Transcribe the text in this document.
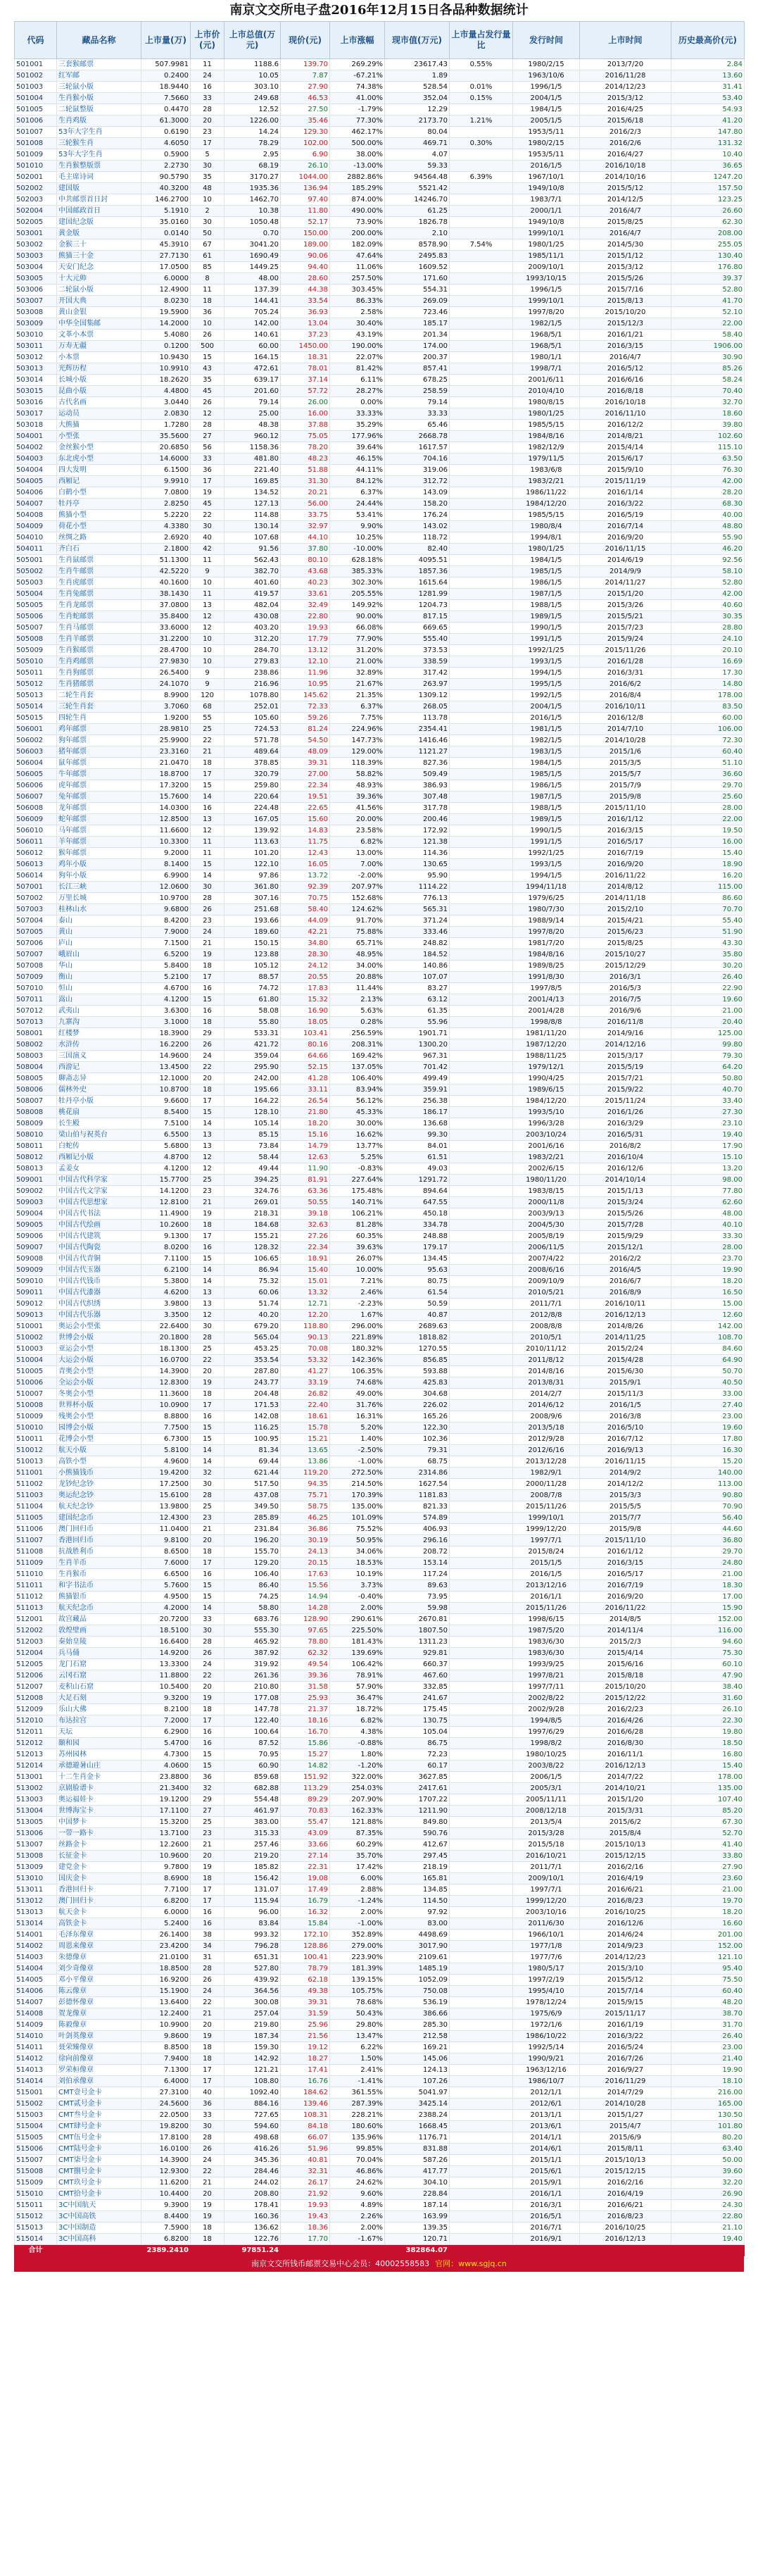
南京文交所电子盘2016年12月15日各品种数据统计
代码	藏品名称	上市量(万)	上市价(元)	上市总值(万元)	现价(元)	上市涨幅	现市值(万元)	上市量占发行量比	发行时间	上市时间	历史最高价(元)
501001	三套猴邮票	507.9981	11	1188.6	139.70	269.29%	23617.43	0.55%	1980/2/15	2013/7/20	2.84
501002	红军邮	0.2400	24	10.05	7.87	-67.21%	1.89		1963/10/6	2016/11/28	13.60
501003	三轮鼠小版	18.9440	16	303.10	27.90	74.38%	528.54	0.01%	1996/1/5	2014/12/23	31.41
501004	生肖猴小版	7.5660	33	249.68	46.53	41.00%	352.04	0.15%	2004/1/5	2015/3/12	53.40
501005	二轮鼠整版	0.4470	28	12.52	27.50	-1.79%	12.29		1984/1/5	2016/4/25	54.93
501006	生肖鸡版	61.3000	20	1226.00	35.46	77.30%	2173.70	1.21%	2005/1/5	2015/6/18	41.20
501007	53年大字生肖	0.6190	23	14.24	129.30	462.17%	80.04		1953/5/11	2016/2/3	147.80
501008	三轮猴生肖	4.6050	17	78.29	102.00	500.00%	469.71	0.30%	1980/2/15	2016/2/6	131.32
501009	53年大字生肖	0.5900	5	2.95	6.90	38.00%	4.07		1953/5/11	2016/4/27	10.40
501010	生肖猴整版票	2.2730	30	68.19	26.10	-13.00%	59.33		2016/1/5	2016/10/18	36.65
502001	毛主席诗词	90.5790	35	3170.27	1044.00	2882.86%	94564.48	6.39%	1967/10/1	2014/10/16	1247.20
502002	建国版	40.3200	48	1935.36	136.94	185.29%	5521.42		1949/10/8	2015/5/12	157.50
502003	中共邮票首日封	146.2700	10	1462.70	97.40	874.00%	14246.70		1983/7/1	2014/12/5	123.25
502004	中国邮政首日	5.1910	2	10.38	11.80	490.00%	61.25		2000/1/1	2016/4/7	26.60
502005	建国纪念版	35.0160	30	1050.48	52.17	73.90%	1826.78		1949/10/8	2015/8/25	62.30
503001	黄金版	0.0140	50	0.70	150.00	200.00%	2.10		1999/10/1	2016/4/7	208.00
503002	金猴三十	45.3910	67	3041.20	189.00	182.09%	8578.90	7.54%	1980/1/25	2014/5/30	255.05
503003	熊猫三十金	27.7130	61	1690.49	90.06	47.64%	2495.83		1985/11/1	2015/1/12	130.40
503004	天安门纪念	17.0500	85	1449.25	94.40	11.06%	1609.52		2009/10/1	2015/3/12	176.80
503005	十大元帅	6.0000	8	48.00	28.60	257.50%	171.60		1993/10/15	2015/5/26	39.37
503006	二轮鼠小版	12.4900	11	137.39	44.38	303.45%	554.31		1996/1/5	2015/7/16	52.80
503007	开国大典	8.0230	18	144.41	33.54	86.33%	269.09		1999/10/1	2015/8/13	41.70
503008	黄山金银	19.5900	36	705.24	36.93	2.58%	723.46		1997/8/20	2015/10/20	52.10
503009	中华全国集邮	14.2000	10	142.00	13.04	30.40%	185.17		1982/1/5	2015/12/3	22.00
503010	文革小本票	5.4080	26	140.61	37.23	43.19%	201.34		1968/5/1	2016/1/21	58.40
503011	万寿无疆	0.1200	500	60.00	1450.00	190.00%	174.00		1968/5/1	2016/3/15	1906.00
503012	小本票	10.9430	15	164.15	18.31	22.07%	200.37		1980/1/1	2016/4/7	30.90
503013	光辉历程	10.9910	43	472.61	78.01	81.42%	857.41		1998/7/1	2016/5/12	85.26
503014	长城小版	18.2620	35	639.17	37.14	6.11%	678.25		2001/6/11	2016/6/16	58.24
503015	昆曲小版	4.4800	45	201.60	57.72	28.27%	258.59		2010/4/10	2016/8/18	70.40
503016	古代名画	3.0440	26	79.14	26.00	0.00%	79.14		1980/8/15	2016/10/18	32.70
503017	运动员	2.0830	12	25.00	16.00	33.33%	33.33		1980/1/25	2016/11/10	18.60
503018	大熊猫	1.7280	28	48.38	37.88	35.29%	65.46		1985/5/15	2016/12/2	39.80
504001	小型张	35.5600	27	960.12	75.05	177.96%	2668.78		1984/8/16	2014/8/21	102.60
504002	金丝猴小型	20.6850	56	1158.36	78.20	39.64%	1617.57		1982/12/9	2015/4/14	115.10
504003	东北虎小型	14.6000	33	481.80	48.23	46.15%	704.16		1979/11/5	2015/6/17	63.50
504004	四大发明	6.1500	36	221.40	51.88	44.11%	319.06		1983/6/8	2015/9/10	76.30
504005	西厢记	9.9910	17	169.85	31.30	84.12%	312.72		1983/2/21	2015/11/19	42.00
504006	白鹤小型	7.0800	19	134.52	20.21	6.37%	143.09		1986/11/22	2016/1/14	28.20
504007	牡丹亭	2.8250	45	127.13	56.00	24.44%	158.20		1984/12/20	2016/3/22	68.30
504008	熊猫小型	5.2220	22	114.88	33.75	53.41%	176.24		1985/5/15	2016/5/19	40.00
504009	荷花小型	4.3380	30	130.14	32.97	9.90%	143.02		1980/8/4	2016/7/14	48.80
504010	丝绸之路	2.6920	40	107.68	44.10	10.25%	118.72		1994/8/1	2016/9/20	55.90
504011	齐白石	2.1800	42	91.56	37.80	-10.00%	82.40		1980/1/25	2016/11/15	46.20
505001	生肖鼠邮票	51.1300	11	562.43	80.10	628.18%	4095.51		1984/1/5	2014/6/19	92.56
505002	生肖牛邮票	42.5220	9	382.70	43.68	385.33%	1857.36		1985/1/5	2014/9/9	58.10
505003	生肖虎邮票	40.1600	10	401.60	40.23	302.30%	1615.64		1986/1/5	2014/11/27	52.80
505004	生肖兔邮票	38.1430	11	419.57	33.61	205.55%	1281.99		1987/1/5	2015/1/20	42.00
505005	生肖龙邮票	37.0800	13	482.04	32.49	149.92%	1204.73		1988/1/5	2015/3/26	40.60
505006	生肖蛇邮票	35.8400	12	430.08	22.80	90.00%	817.15		1989/1/5	2015/5/21	30.35
505007	生肖马邮票	33.6000	12	403.20	19.93	66.08%	669.65		1990/1/5	2015/7/23	28.80
505008	生肖羊邮票	31.2200	10	312.20	17.79	77.90%	555.40		1991/1/5	2015/9/24	24.10
505009	生肖猴邮票	28.4700	10	284.70	13.12	31.20%	373.53		1992/1/25	2015/11/26	20.10
505010	生肖鸡邮票	27.9830	10	279.83	12.10	21.00%	338.59		1993/1/5	2016/1/28	16.69
505011	生肖狗邮票	26.5400	9	238.86	11.96	32.89%	317.42		1994/1/5	2016/3/31	17.30
505012	生肖猪邮票	24.1070	9	216.96	10.95	21.67%	263.97		1995/1/5	2016/6/2	14.80
505013	二轮生肖套	8.9900	120	1078.80	145.62	21.35%	1309.12		1992/1/5	2016/8/4	178.00
505014	三轮生肖套	3.7060	68	252.01	72.33	6.37%	268.05		2004/1/5	2016/10/11	83.50
505015	四轮生肖	1.9200	55	105.60	59.26	7.75%	113.78		2016/1/5	2016/12/8	60.00
506001	鸡年邮票	28.9810	25	724.53	81.24	224.96%	2354.41		1981/1/5	2014/7/10	106.00
506002	狗年邮票	25.9900	22	571.78	54.50	147.73%	1416.46		1982/1/5	2014/10/28	72.30
506003	猪年邮票	23.3160	21	489.64	48.09	129.00%	1121.27		1983/1/5	2015/1/6	60.40
506004	鼠年邮票	21.0470	18	378.85	39.31	118.39%	827.36		1984/1/5	2015/3/5	51.10
506005	牛年邮票	18.8700	17	320.79	27.00	58.82%	509.49		1985/1/5	2015/5/7	36.60
506006	虎年邮票	17.3200	15	259.80	22.34	48.93%	386.93		1986/1/5	2015/7/9	29.70
506007	兔年邮票	15.7600	14	220.64	19.51	39.36%	307.48		1987/1/5	2015/9/8	25.60
506008	龙年邮票	14.0300	16	224.48	22.65	41.56%	317.78		1988/1/5	2015/11/10	28.00
506009	蛇年邮票	12.8500	13	167.05	15.60	20.00%	200.46		1989/1/5	2016/1/12	22.00
506010	马年邮票	11.6600	12	139.92	14.83	23.58%	172.92		1990/1/5	2016/3/15	19.50
506011	羊年邮票	10.3300	11	113.63	11.75	6.82%	121.38		1991/1/5	2016/5/17	16.00
506012	猴年邮票	9.2000	11	101.20	12.43	13.00%	114.36		1992/1/25	2016/7/19	15.40
506013	鸡年小版	8.1400	15	122.10	16.05	7.00%	130.65		1993/1/5	2016/9/20	18.90
506014	狗年小版	6.9900	14	97.86	13.72	-2.00%	95.90		1994/1/5	2016/11/22	16.20
507001	长江三峡	12.0600	30	361.80	92.39	207.97%	1114.22		1994/11/18	2014/8/12	115.00
507002	万里长城	10.9700	28	307.16	70.75	152.68%	776.13		1979/6/25	2014/11/18	86.60
507003	桂林山水	9.6800	26	251.68	58.40	124.62%	565.31		1980/7/30	2015/2/10	70.70
507004	泰山	8.4200	23	193.66	44.09	91.70%	371.24		1988/9/14	2015/4/21	55.40
507005	黄山	7.9000	24	189.60	42.21	75.88%	333.46		1997/8/20	2015/6/23	51.90
507006	庐山	7.1500	21	150.15	34.80	65.71%	248.82		1981/7/20	2015/8/25	43.30
507007	峨眉山	6.5200	19	123.88	28.30	48.95%	184.52		1984/8/16	2015/10/27	35.80
507008	华山	5.8400	18	105.12	24.12	34.00%	140.86		1989/8/25	2015/12/29	30.20
507009	衡山	5.2100	17	88.57	20.55	20.88%	107.07		1991/8/30	2016/3/1	26.40
507010	恒山	4.6700	16	74.72	17.83	11.44%	83.27		1997/8/5	2016/5/3	22.90
507011	嵩山	4.1200	15	61.80	15.32	2.13%	63.12		2001/4/13	2016/7/5	19.60
507012	武夷山	3.6300	16	58.08	16.90	5.63%	61.35		2001/4/28	2016/9/6	21.00
507013	九寨沟	3.1000	18	55.80	18.05	0.28%	55.96		1998/8/8	2016/11/8	20.40
508001	红楼梦	18.3900	29	533.31	103.41	256.59%	1901.71		1981/11/20	2014/9/16	125.00
508002	水浒传	16.2200	26	421.72	80.16	208.31%	1300.20		1987/12/20	2014/12/16	99.80
508003	三国演义	14.9600	24	359.04	64.66	169.42%	967.31		1988/11/25	2015/3/17	79.30
508004	西游记	13.4500	22	295.90	52.15	137.05%	701.42		1979/12/1	2015/5/19	64.20
508005	聊斋志异	12.1000	20	242.00	41.28	106.40%	499.49		1990/4/25	2015/7/21	50.80
508006	儒林外史	10.8700	18	195.66	33.11	83.94%	359.91		1989/6/15	2015/9/22	40.70
508007	牡丹亭小版	9.6600	17	164.22	26.54	56.12%	256.38		1984/12/20	2015/11/24	33.40
508008	桃花扇	8.5400	15	128.10	21.80	45.33%	186.17		1993/5/10	2016/1/26	27.30
508009	长生殿	7.5100	14	105.14	18.20	30.00%	136.68		1996/3/28	2016/3/29	23.10
508010	梁山伯与祝英台	6.5500	13	85.15	15.16	16.62%	99.30		2003/10/24	2016/5/31	19.40
508011	白蛇传	5.6800	13	73.84	14.79	13.77%	84.01		2001/6/16	2016/8/2	17.90
508012	西厢记小版	4.8700	12	58.44	12.63	5.25%	61.51		1983/2/21	2016/10/4	15.10
508013	孟姜女	4.1200	12	49.44	11.90	-0.83%	49.03		2002/6/15	2016/12/6	13.20
509001	中国古代科学家	15.7700	25	394.25	81.91	227.64%	1291.72		1980/11/20	2014/10/14	98.00
509002	中国古代文学家	14.1200	23	324.76	63.36	175.48%	894.64		1983/8/15	2015/1/13	77.80
509003	中国古代思想家	12.8100	21	269.01	50.55	140.71%	647.55		2000/11/8	2015/3/24	62.60
509004	中国古代书法	11.4900	19	218.31	39.18	106.21%	450.18		2003/9/13	2015/5/26	48.00
509005	中国古代绘画	10.2600	18	184.68	32.63	81.28%	334.78		2004/5/30	2015/7/28	40.10
509006	中国古代建筑	9.1300	17	155.21	27.26	60.35%	248.88		2005/8/19	2015/9/29	33.30
509007	中国古代陶瓷	8.0200	16	128.32	22.34	39.63%	179.17		2006/11/5	2015/12/1	28.00
509008	中国古代青铜	7.1100	15	106.65	18.91	26.07%	134.45		2007/4/22	2016/2/2	23.70
509009	中国古代玉器	6.2100	14	86.94	15.40	10.00%	95.63		2008/6/16	2016/4/5	19.90
509010	中国古代钱币	5.3800	14	75.32	15.01	7.21%	80.75		2009/10/9	2016/6/7	18.20
509011	中国古代漆器	4.6200	13	60.06	13.32	2.46%	61.54		2010/5/21	2016/8/9	16.50
509012	中国古代织绣	3.9800	13	51.74	12.71	-2.23%	50.59		2011/7/1	2016/10/11	15.00
509013	中国古代乐器	3.3500	12	40.20	12.20	1.67%	40.87		2012/8/8	2016/12/13	12.60
510001	奥运会小型张	22.6400	30	679.20	118.80	296.00%	2689.63		2008/8/8	2014/8/26	142.00
510002	世博会小版	20.1800	28	565.04	90.13	221.89%	1818.82		2010/5/1	2014/11/25	108.70
510003	亚运会小型	18.1300	25	453.25	70.08	180.32%	1270.55		2010/11/12	2015/2/24	84.60
510004	大运会小版	16.0700	22	353.54	53.32	142.36%	856.85		2011/8/12	2015/4/28	64.90
510005	青奥会小型	14.3900	20	287.80	41.27	106.35%	593.88		2014/8/16	2015/6/30	50.70
510006	全运会小版	12.8300	19	243.77	33.19	74.68%	425.83		2013/8/31	2015/9/1	40.50
510007	冬奥会小型	11.3600	18	204.48	26.82	49.00%	304.68		2014/2/7	2015/11/3	33.00
510008	世界杯小版	10.0900	17	171.53	22.40	31.76%	226.02		2014/6/12	2016/1/5	27.40
510009	残奥会小型	8.8800	16	142.08	18.61	16.31%	165.26		2008/9/6	2016/3/8	23.00
510010	园博会小版	7.7500	15	116.25	15.78	5.20%	122.30		2013/5/18	2016/5/10	19.60
510011	花博会小型	6.7300	15	100.95	15.21	1.40%	102.36		2012/9/28	2016/7/12	17.80
510012	航天小版	5.8100	14	81.34	13.65	-2.50%	79.31		2012/6/16	2016/9/13	16.30
510013	高铁小型	4.9600	14	69.44	13.86	-1.00%	68.75		2013/12/28	2016/11/15	15.20
511001	小熊猫钱币	19.4200	32	621.44	119.20	272.50%	2314.86		1982/9/1	2014/9/2	140.00
511002	龙钞纪念钞	17.2500	30	517.50	94.35	214.50%	1627.54		2000/11/28	2014/12/2	113.00
511003	奥运纪念钞	15.6100	28	437.08	75.71	170.39%	1181.83		2008/7/8	2015/3/3	90.80
511004	航天纪念钞	13.9800	25	349.50	58.75	135.00%	821.33		2015/11/26	2015/5/5	70.90
511005	建国纪念币	12.4300	23	285.89	46.25	101.09%	574.89		1999/10/1	2015/7/7	56.40
511006	澳门回归币	11.0400	21	231.84	36.86	75.52%	406.93		1999/12/20	2015/9/8	44.60
511007	香港回归币	9.8100	20	196.20	30.19	50.95%	296.16		1997/7/1	2015/11/10	36.80
511008	抗战胜利币	8.6500	18	155.70	24.13	34.06%	208.72		2015/8/24	2016/1/12	29.70
511009	生肖羊币	7.6000	17	129.20	20.15	18.53%	153.14		2015/1/5	2016/3/15	24.80
511010	生肖猴币	6.6500	16	106.40	17.63	10.19%	117.24		2016/1/5	2016/5/17	21.00
511011	和字书法币	5.7600	15	86.40	15.56	3.73%	89.63		2013/12/16	2016/7/19	18.30
511012	熊猫银币	4.9500	15	74.25	14.94	-0.40%	73.95		2016/1/1	2016/9/20	17.00
511013	航天纪念币	4.2000	14	58.80	14.28	2.00%	59.98		2015/11/26	2016/11/22	15.90
512001	故宫藏品	20.7200	33	683.76	128.90	290.61%	2670.81		1998/6/15	2014/8/5	152.00
512002	敦煌壁画	18.5100	30	555.30	97.65	225.50%	1807.50		1987/5/20	2014/11/4	116.00
512003	秦始皇陵	16.6400	28	465.92	78.80	181.43%	1311.23		1983/6/30	2015/2/3	94.60
512004	兵马俑	14.9200	26	387.92	62.32	139.69%	929.81		1983/6/30	2015/4/14	75.30
512005	龙门石窟	13.3300	24	319.92	49.54	106.42%	660.37		1993/9/25	2015/6/16	60.10
512006	云冈石窟	11.8800	22	261.36	39.36	78.91%	467.60		1997/8/21	2015/8/18	47.90
512007	麦积山石窟	10.5400	20	210.80	31.58	57.90%	332.85		1997/7/11	2015/10/20	38.40
512008	大足石刻	9.3200	19	177.08	25.93	36.47%	241.67		2002/8/22	2015/12/22	31.60
512009	乐山大佛	8.2100	18	147.78	21.37	18.72%	175.45		2002/9/28	2016/2/23	26.10
512010	布达拉宫	7.2000	17	122.40	18.16	6.82%	130.75		1994/8/5	2016/4/26	22.30
512011	天坛	6.2900	16	100.64	16.70	4.38%	105.04		1997/6/29	2016/6/28	19.80
512012	颐和园	5.4700	16	87.52	15.86	-0.88%	86.75		1998/8/2	2016/8/30	18.50
512013	苏州园林	4.7300	15	70.95	15.27	1.80%	72.23		1980/10/25	2016/11/1	16.80
512014	承德避暑山庄	4.0600	15	60.90	14.82	-1.20%	60.17		2003/8/22	2016/12/13	15.40
513001	十二生肖金卡	23.8800	36	859.68	151.92	322.00%	3627.85		2006/1/5	2014/7/22	178.00
513002	京剧脸谱卡	21.3400	32	682.88	113.29	254.03%	2417.61		2005/3/1	2014/10/21	135.00
513003	奥运福娃卡	19.1200	29	554.48	89.29	207.90%	1707.22		2005/11/11	2015/1/20	107.40
513004	世博海宝卡	17.1100	27	461.97	70.83	162.33%	1211.90		2008/12/18	2015/3/31	85.20
513005	中国梦卡	15.3200	25	383.00	55.47	121.88%	849.80		2013/5/4	2015/6/2	67.30
513006	一带一路卡	13.7100	23	315.33	43.09	87.35%	590.76		2015/3/28	2015/8/4	52.70
513007	丝路金卡	12.2600	21	257.46	33.66	60.29%	412.67		2015/5/18	2015/10/13	41.40
513008	长征金卡	10.9600	20	219.20	27.14	35.70%	297.45		2016/10/21	2015/12/15	33.80
513009	建党金卡	9.7800	19	185.82	22.31	17.42%	218.19		2011/7/1	2016/2/16	27.90
513010	国庆金卡	8.6900	18	156.42	19.08	6.00%	165.81		2009/10/1	2016/4/19	23.60
513011	香港回归卡	7.7100	17	131.07	17.49	2.88%	134.85		1997/7/1	2016/6/21	21.00
513012	澳门回归卡	6.8200	17	115.94	16.79	-1.24%	114.50		1999/12/20	2016/8/23	19.70
513013	航天金卡	6.0000	16	96.00	16.32	2.00%	97.92		2003/10/16	2016/10/25	18.20
513014	高铁金卡	5.2400	16	83.84	15.84	-1.00%	83.00		2011/6/30	2016/12/6	16.60
514001	毛泽东像章	26.1400	38	993.32	172.10	352.89%	4498.69		1966/10/1	2014/6/24	201.00
514002	周恩来像章	23.4200	34	796.28	128.86	279.00%	3017.90		1977/1/8	2014/9/23	152.00
514003	朱德像章	21.0100	31	651.31	100.41	223.90%	2109.61		1977/7/6	2014/12/23	121.10
514004	刘少奇像章	18.8500	28	527.80	78.79	181.39%	1485.19		1980/5/17	2015/3/10	95.40
514005	邓小平像章	16.9200	26	439.92	62.18	139.15%	1052.09		1997/2/19	2015/5/12	75.50
514006	陈云像章	15.1900	24	364.56	49.38	105.75%	750.08		1995/4/10	2015/7/14	60.40
514007	彭德怀像章	13.6400	22	300.08	39.31	78.68%	536.19		1978/12/24	2015/9/15	48.20
514008	贺龙像章	12.2400	21	257.04	31.59	50.43%	386.66		1975/6/9	2015/11/17	38.70
514009	陈毅像章	10.9900	20	219.80	25.96	29.80%	285.30		1972/1/6	2016/1/19	31.70
514010	叶剑英像章	9.8600	19	187.34	21.56	13.47%	212.58		1986/10/22	2016/3/22	26.40
514011	聂荣臻像章	8.8500	18	159.30	19.12	6.22%	169.21		1992/5/14	2016/5/24	23.00
514012	徐向前像章	7.9400	18	142.92	18.27	1.50%	145.06		1990/9/21	2016/7/26	21.40
514013	罗荣桓像章	7.1300	17	121.21	17.41	2.41%	124.13		1963/12/16	2016/9/27	19.90
514014	刘伯承像章	6.4000	17	108.80	16.76	-1.41%	107.26		1986/10/7	2016/11/29	18.10
515001	CMT壹号金卡	27.3100	40	1092.40	184.62	361.55%	5041.97		2012/1/1	2014/7/29	216.00
515002	CMT贰号金卡	24.5600	36	884.16	139.46	287.39%	3425.14		2012/6/1	2014/10/28	165.00
515003	CMT叁号金卡	22.0500	33	727.65	108.31	228.21%	2388.24		2013/1/1	2015/1/27	130.50
515004	CMT肆号金卡	19.8200	30	594.60	84.18	180.60%	1668.45		2013/6/1	2015/4/7	101.80
515005	CMT伍号金卡	17.8100	28	498.68	66.07	135.96%	1176.71		2014/1/1	2015/6/9	80.20
515006	CMT陆号金卡	16.0100	26	416.26	51.96	99.85%	831.88		2014/6/1	2015/8/11	63.40
515007	CMT柒号金卡	14.3900	24	345.36	40.81	70.04%	587.26		2015/1/1	2015/10/13	50.00
515008	CMT捌号金卡	12.9300	22	284.46	32.31	46.86%	417.77		2015/6/1	2015/12/15	39.60
515009	CMT玖号金卡	11.6200	21	244.02	26.17	24.62%	304.10		2015/9/1	2016/2/16	32.20
515010	CMT拾号金卡	10.4400	20	208.80	21.92	9.60%	228.84		2016/1/1	2016/4/19	26.90
515011	3C中国航天	9.3900	19	178.41	19.93	4.89%	187.14		2016/3/1	2016/6/21	24.30
515012	3C中国高铁	8.4400	19	160.36	19.43	2.26%	163.99		2016/5/1	2016/8/23	22.80
515013	3C中国制造	7.5900	18	136.62	18.36	2.00%	139.35		2016/7/1	2016/10/25	21.10
515014	3C中国高科	6.8200	18	122.76	17.70	-1.67%	120.71		2016/9/1	2016/12/13	19.40
合计		2389.2410		97851.24			382864.07				
南京文交所钱币邮票交易中心会员：40002558583 官网：www.sgjq.cn
